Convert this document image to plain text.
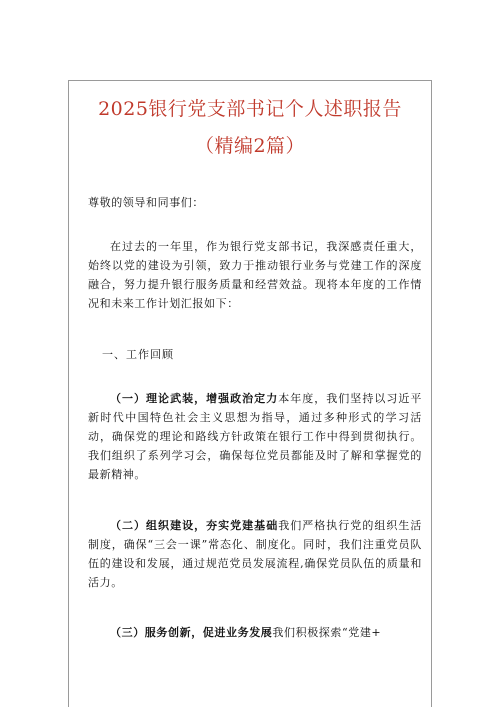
2025银行党支部书记个人述职报告
（精编2篇）
尊敬的领导和同事们：
在过去的一年里，作为银行党支部书记，我深感责任重大，始终以党的建设为引领，致力于推动银行业务与党建工作的深度融合，努力提升银行服务质量和经营效益。现将本年度的工作情况和未来工作计划汇报如下：
一、工作回顾
（一）理论武装，增强政治定力本年度，我们坚持以习近平新时代中国特色社会主义思想为指导，通过多种形式的学习活动，确保党的理论和路线方针政策在银行工作中得到贯彻执行。我们组织了系列学习会，确保每位党员都能及时了解和掌握党的最新精神。
（二）组织建设，夯实党建基础我们严格执行党的组织生活制度，确保“三会一课”常态化、制度化。同时，我们注重党员队伍的建设和发展，通过规范党员发展流程,确保党员队伍的质量和活力。
（三）服务创新，促进业务发展我们积极探索“党建+
